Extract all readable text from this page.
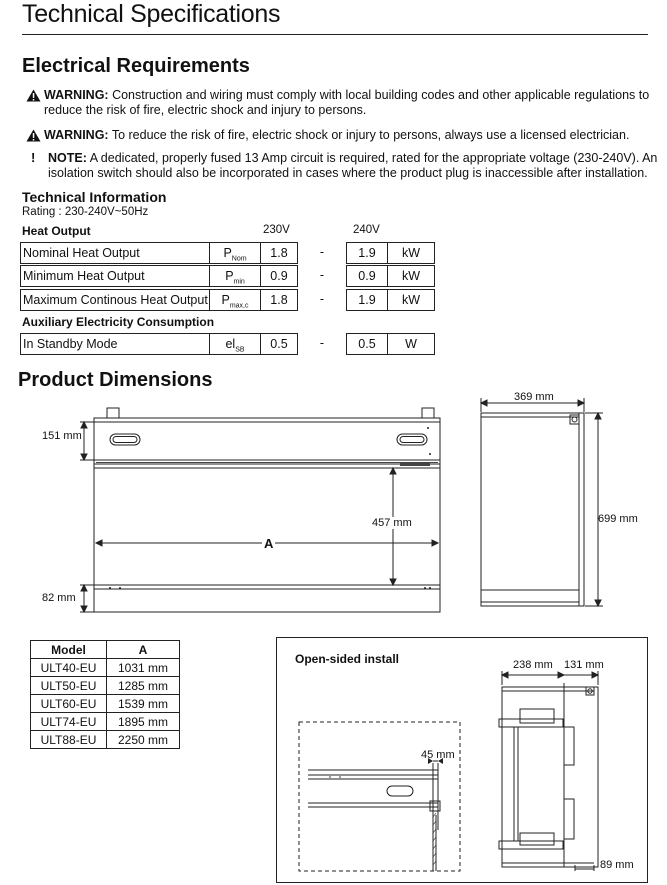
Technical Specifications
Electrical Requirements
WARNING: Construction and wiring must comply with local building codes and other applicable regulations to
reduce the risk of fire, electric shock and injury to persons.
WARNING: To reduce the risk of fire, electric shock or injury to persons, always use a licensed electrician.
! NOTE: A dedicated, properly fused 13 Amp circuit is required, rated for the appropriate voltage (230-240V). An
isolation switch should also be incorporated in cases where the product plug is inaccessible after installation.
Technical Information
Rating : 230-240V~50Hz
Heat Output	230V	240V
Nominal Heat Output	$P_{Nom}$	1.8	-	1.9	kW
Minimum Heat Output	$P_{min}$	0.9	-	0.9	kW
Maximum Continous Heat Output	$P_{max,c}$	1.8	-	1.9	kW
Auxiliary Electricity Consumption
In Standby Mode	$el_{SB}$	0.5	-	0.5	W
Product Dimensions
151 mm
82 mm
A
457 mm
369 mm
699 mm
Model	A
ULT40-EU	1031 mm
ULT50-EU	1285 mm
ULT60-EU	1539 mm
ULT74-EU	1895 mm
ULT88-EU	2250 mm
Open-sided install	238 mm 131 mm
45 mm
89 mm
